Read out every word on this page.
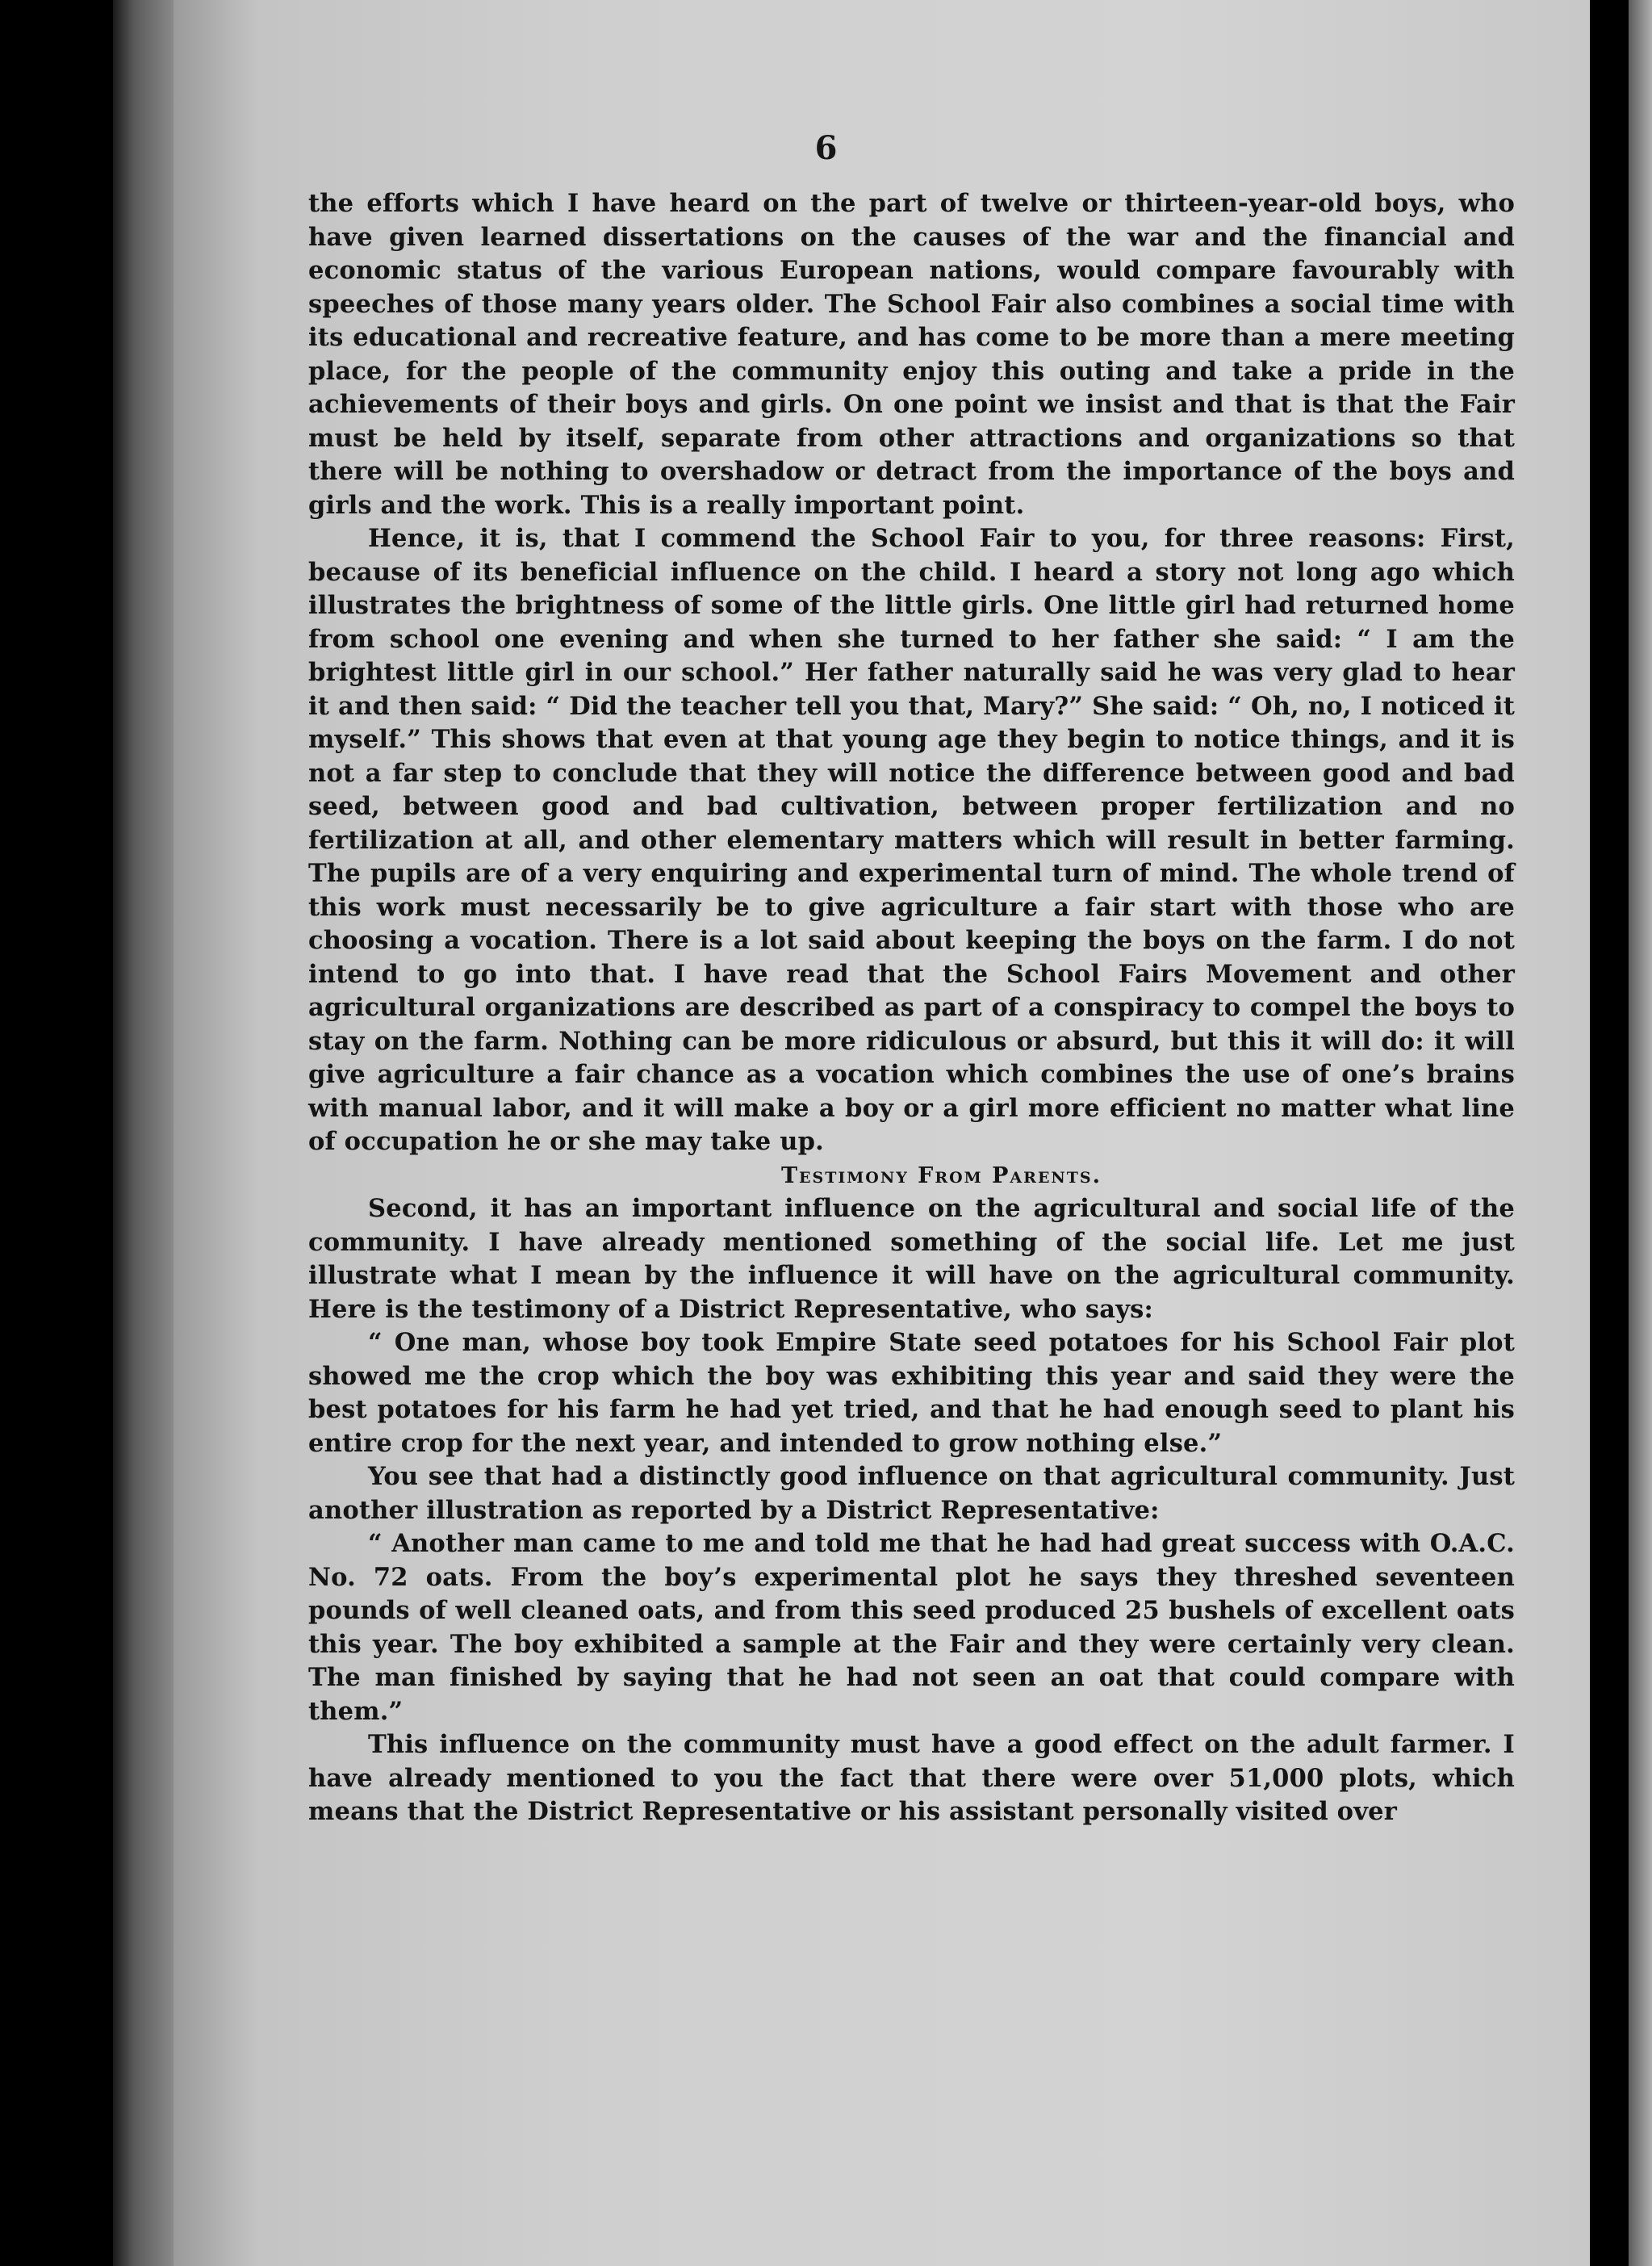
6

the efforts which I have heard on the part of twelve or thirteen-year-old boys, who have given learned dissertations on the causes of the war and the financial and economic status of the various European nations, would compare favourably with speeches of those many years older. The School Fair also combines a social time with its educational and recreative feature, and has come to be more than a mere meeting place, for the people of the community enjoy this outing and take a pride in the achievements of their boys and girls. On one point we insist and that is that the Fair must be held by itself, separate from other attractions and organizations so that there will be nothing to overshadow or detract from the importance of the boys and girls and the work. This is a really important point.

Hence, it is, that I commend the School Fair to you, for three reasons: First, because of its beneficial influence on the child. I heard a story not long ago which illustrates the brightness of some of the little girls. One little girl had returned home from school one evening and when she turned to her father she said: “ I am the brightest little girl in our school.” Her father naturally said he was very glad to hear it and then said: “ Did the teacher tell you that, Mary?” She said: “ Oh, no, I noticed it myself.” This shows that even at that young age they begin to notice things, and it is not a far step to conclude that they will notice the difference between good and bad seed, between good and bad cultivation, between proper fertilization and no fertilization at all, and other elementary matters which will result in better farming. The pupils are of a very enquiring and experimental turn of mind. The whole trend of this work must necessarily be to give agriculture a fair start with those who are choosing a vocation. There is a lot said about keeping the boys on the farm. I do not intend to go into that. I have read that the School Fairs Movement and other agricultural organizations are described as part of a conspiracy to compel the boys to stay on the farm. Nothing can be more ridiculous or absurd, but this it will do: it will give agriculture a fair chance as a vocation which combines the use of one’s brains with manual labor, and it will make a boy or a girl more efficient no matter what line of occupation he or she may take up.

Testimony From Parents.

Second, it has an important influence on the agricultural and social life of the community. I have already mentioned something of the social life. Let me just illustrate what I mean by the influence it will have on the agricultural community. Here is the testimony of a District Representative, who says:

“ One man, whose boy took Empire State seed potatoes for his School Fair plot showed me the crop which the boy was exhibiting this year and said they were the best potatoes for his farm he had yet tried, and that he had enough seed to plant his entire crop for the next year, and intended to grow nothing else.”

You see that had a distinctly good influence on that agricultural community. Just another illustration as reported by a District Representative:

“ Another man came to me and told me that he had had great success with O.A.C. No. 72 oats. From the boy’s experimental plot he says they threshed seventeen pounds of well cleaned oats, and from this seed produced 25 bushels of excellent oats this year. The boy exhibited a sample at the Fair and they were certainly very clean. The man finished by saying that he had not seen an oat that could compare with them.”

This influence on the community must have a good effect on the adult farmer. I have already mentioned to you the fact that there were over 51,000 plots, which means that the District Representative or his assistant personally visited over
